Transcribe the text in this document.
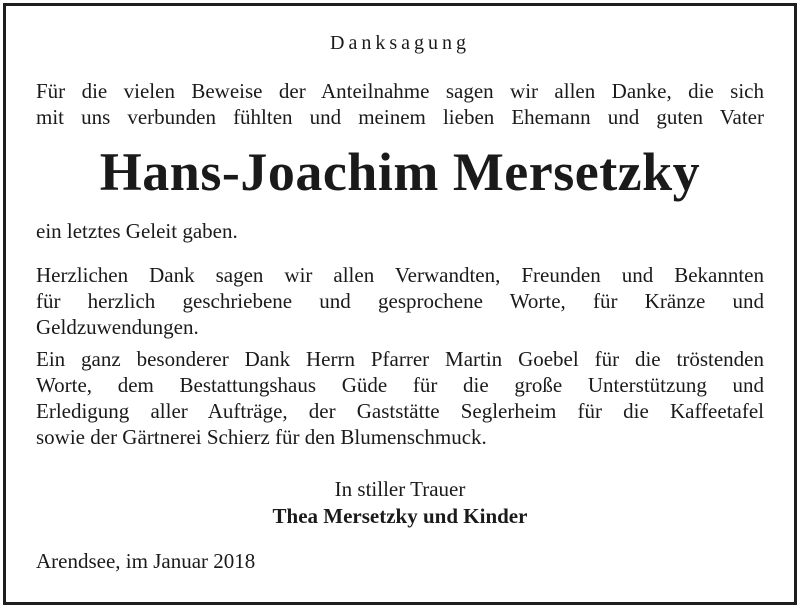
Danksagung
Für die vielen Beweise der Anteilnahme sagen wir allen Danke, die sich
mit uns verbunden fühlten und meinem lieben Ehemann und guten Vater
Hans-Joachim Mersetzky
ein letztes Geleit gaben.
Herzlichen Dank sagen wir allen Verwandten, Freunden und Bekannten
für herzlich geschriebene und gesprochene Worte, für Kränze und
Geldzuwendungen.
Ein ganz besonderer Dank Herrn Pfarrer Martin Goebel für die tröstenden
Worte, dem Bestattungshaus Güde für die große Unterstützung und
Erledigung aller Aufträge, der Gaststätte Seglerheim für die Kaffeetafel
sowie der Gärtnerei Schierz für den Blumenschmuck.
In stiller Trauer
Thea Mersetzky und Kinder
Arendsee, im Januar 2018
